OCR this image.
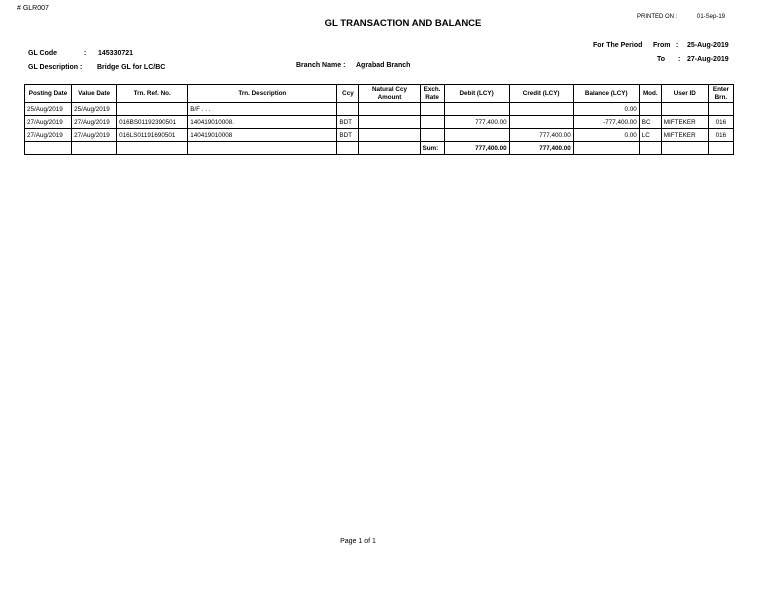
# GLR007
GL TRANSACTION AND BALANCE
PRINTED ON :	01-Sep-19
GL Code	: 145330721
GL Description : Bridge GL for LC/BC	Branch Name : Agrabad Branch
For The Period From : 25-Aug-2019
To : 27-Aug-2019
Posting Date	Value Date	Trn. Ref. No.	Trn. Description	Ccy	Natural Ccy Amount	Exch. Rate	Debit (LCY)	Credit (LCY)	Balance (LCY)	Mod.	User ID	Enter Brn.
25/Aug/2019	25/Aug/2019		B/F . . .						0.00			
27/Aug/2019	27/Aug/2019	016BS01192390501	140419010008.	BDT			777,400.00		-777,400.00	BC	MIFTEKER	016
27/Aug/2019	27/Aug/2019	016LS01191690501	140419010008	BDT				777,400.00	0.00	LC	MIFTEKER	016
						Sum:	777,400.00	777,400.00				
Page 1 of 1
